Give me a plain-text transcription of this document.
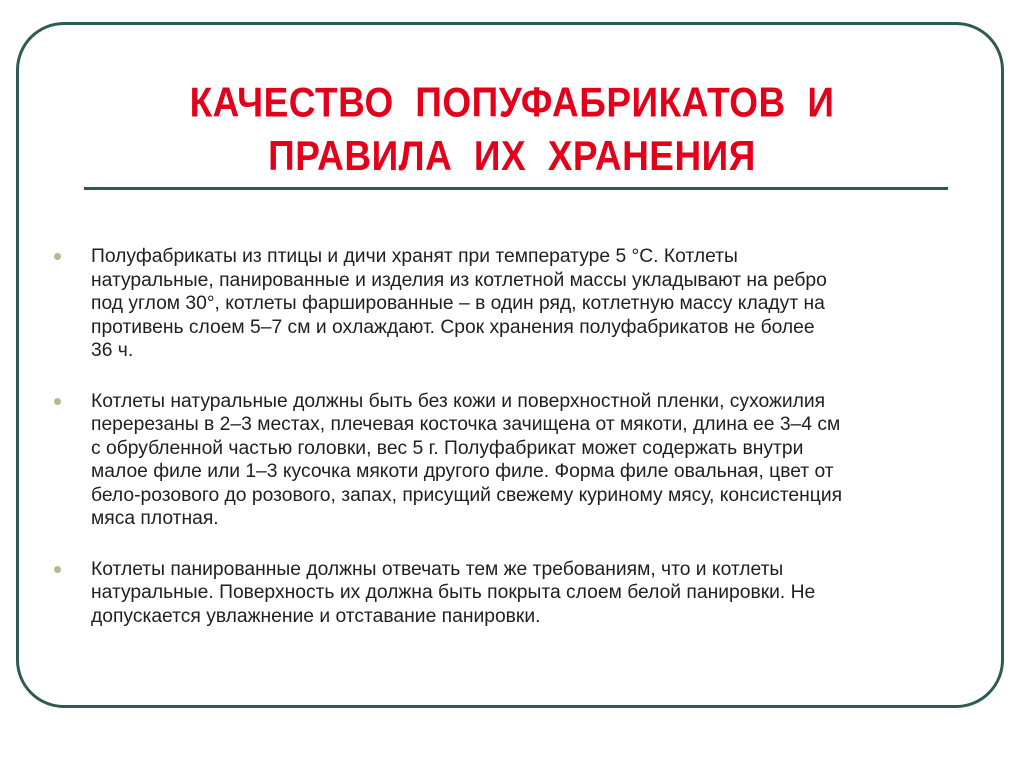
КАЧЕСТВО  ПОПУФАБРИКАТОВ  И
ПРАВИЛА  ИХ  ХРАНЕНИЯ
Полуфабрикаты из птицы и дичи хранят при температуре 5 °С. Котлеты
натуральные, панированные и изделия из котлетной массы укладывают на ребро
под углом 30°, котлеты фаршированные – в один ряд, котлетную массу кладут на
противень слоем 5–7 см и охлаждают. Срок хранения полуфабрикатов не более
36 ч.
Котлеты натуральные должны быть без кожи и поверхностной пленки, сухожилия
перерезаны в 2–3 местах, плечевая косточка зачищена от мякоти, длина ее 3–4 см
с обрубленной частью головки, вес 5 г. Полуфабрикат может содержать внутри
малое филе или 1–3 кусочка мякоти другого филе. Форма филе овальная, цвет от
бело-розового до розового, запах, присущий свежему куриному мясу, консистенция
мяса плотная.
Котлеты панированные должны отвечать тем же требованиям, что и котлеты
натуральные. Поверхность их должна быть покрыта слоем белой панировки. Не
допускается увлажнение и отставание панировки.
